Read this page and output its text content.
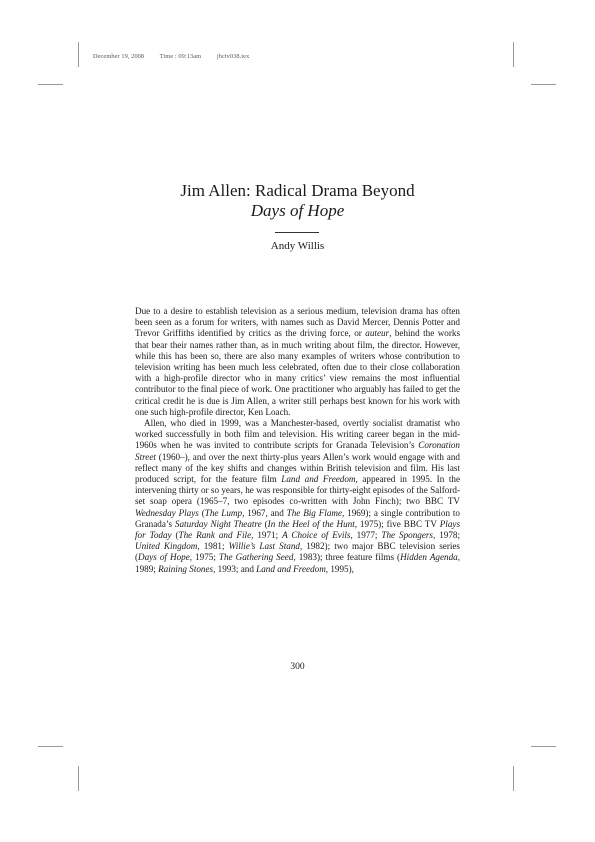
December 19, 2008 Time : 09:13am jbctv038.tex
Jim Allen: Radical Drama Beyond
Days of Hope
Andy Willis

Due to a desire to establish television as a serious medium, television drama has often been seen as a forum for writers, with names such as David Mercer, Dennis Potter and Trevor Griffiths identified by critics as the driving force, or auteur, behind the works that bear their names rather than, as in much writing about film, the director. However, while this has been so, there are also many examples of writers whose contribution to television writing has been much less celebrated, often due to their close collaboration with a high-profile director who in many critics’ view remains the most influential contributor to the final piece of work. One practitioner who arguably has failed to get the critical credit he is due is Jim Allen, a writer still perhaps best known for his work with one such high-profile director, Ken Loach.

Allen, who died in 1999, was a Manchester-based, overtly socialist dramatist who worked successfully in both film and television. His writing career began in the mid-1960s when he was invited to contribute scripts for Granada Television’s Coronation Street (1960–), and over the next thirty-plus years Allen’s work would engage with and reflect many of the key shifts and changes within British television and film. His last produced script, for the feature film Land and Freedom, appeared in 1995. In the intervening thirty or so years, he was responsible for thirty-eight episodes of the Salford-set soap opera (1965–7, two episodes co-written with John Finch); two BBC TV Wednesday Plays (The Lump, 1967, and The Big Flame, 1969); a single contribution to Granada’s Saturday Night Theatre (In the Heel of the Hunt, 1975); five BBC TV Plays for Today (The Rank and File, 1971; A Choice of Evils, 1977; The Spongers, 1978; United Kingdom, 1981; Willie’s Last Stand, 1982); two major BBC television series (Days of Hope, 1975; The Gathering Seed, 1983); three feature films (Hidden Agenda, 1989; Raining Stones, 1993; and Land and Freedom, 1995),

300
